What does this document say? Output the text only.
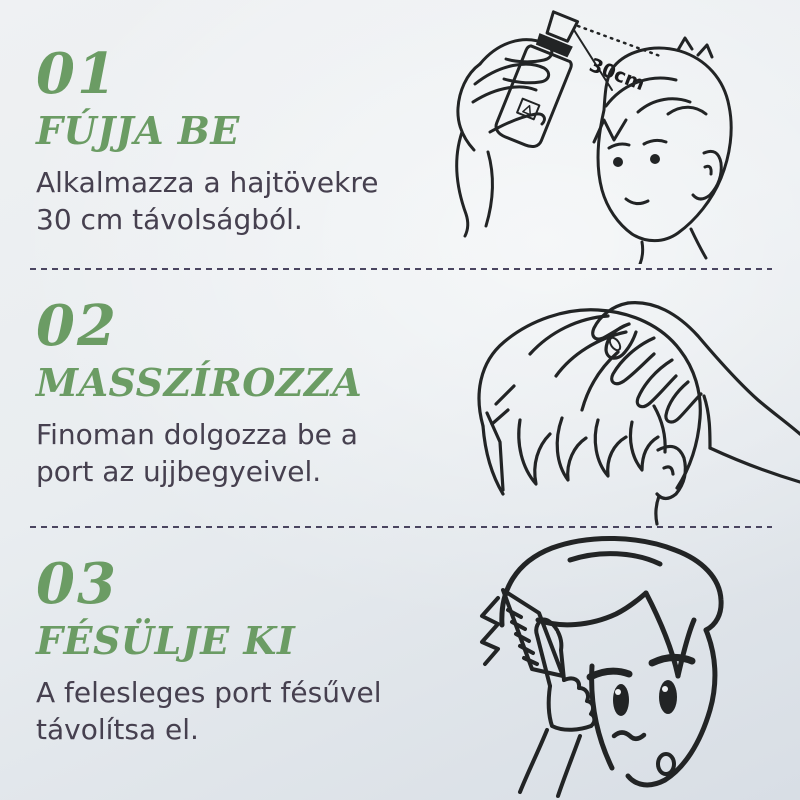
01
FÚJJA BE

Alkalmazza a hajtövekre
30 cm távolságból.

30cm
02
MASSZÍROZZA

Finoman dolgozza be a
port az ujjbegyeivel.

03
FÉSÜLJE KI

A felesleges port fésűvel
távolítsa el.
